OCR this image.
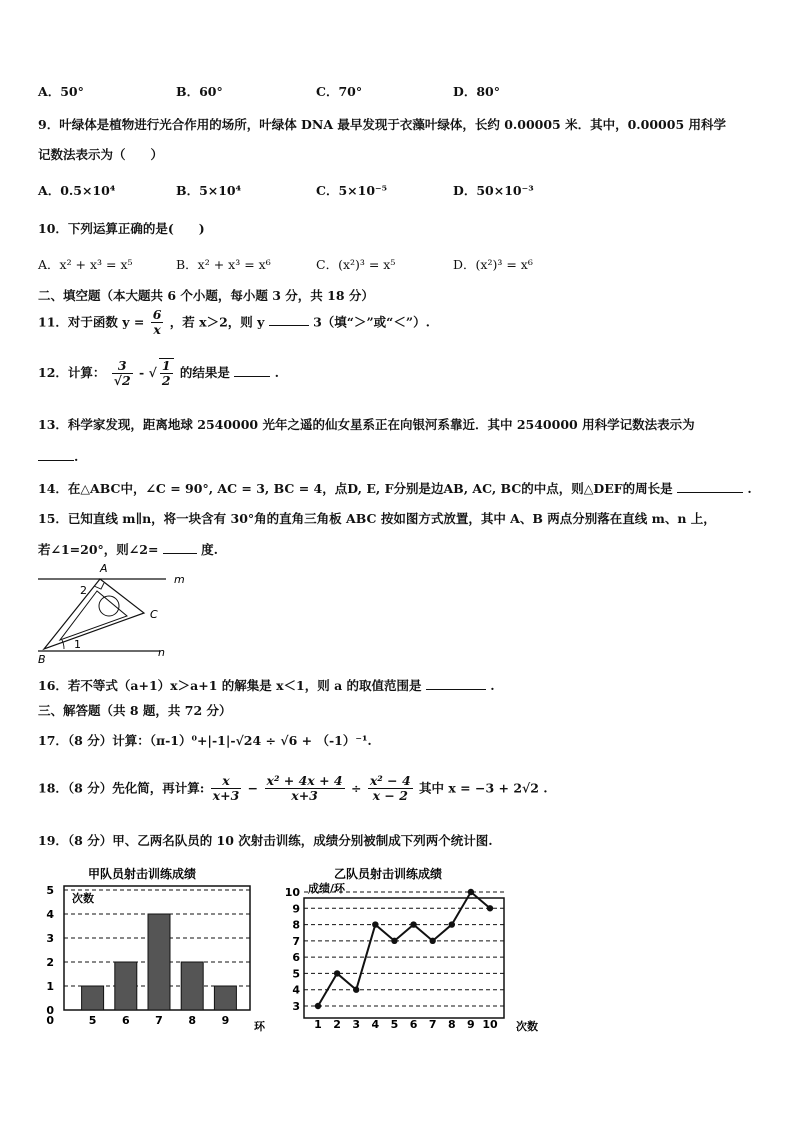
A．50°	B．60°	C．70°	D．80°
9．叶绿体是植物进行光合作用的场所，叶绿体 DNA 最早发现于衣藻叶绿体，长约 0.00005 米．其中，0.00005 用科学
记数法表示为（　　）
A．0.5×10⁴	B．5×10⁴	C．5×10⁻⁵	D．50×10⁻³
10．下列运算正确的是(　　)
A．x² + x³ = x⁵	B．x² + x³ = x⁶	C．(x²)³ = x⁵	D．(x²)³ = x⁶
二、填空题（本大题共 6 个小题，每小题 3 分，共 18 分）
11．对于函数 $y = \frac{6}{x}$ ，若 x＞2，则 y	3（填“＞”或“＜”）.
12．计算： $\frac{3}{√2}$ - √ $\frac{1}{2}$ 的结果是	.
13．科学家发现，距离地球 2540000 光年之遥的仙女星系正在向银河系靠近．其中 2540000 用科学记数法表示为
.
14．在△ABC中，∠C = 90°, AC = 3, BC = 4，点D, E, F分别是边AB, AC, BC的中点，则△DEF的周长是	.
15．已知直线 m∥n，将一块含有 30°角的直角三角板 ABC 按如图方式放置，其中 A、B 两点分别落在直线 m、n 上，
若∠1=20°，则∠2=	度.
A
2
m
C
1
B
n
16．若不等式（a+1）x＞a+1 的解集是 x＜1，则 a 的取值范围是	.
三、解答题（共 8 题，共 72 分）
17．（8 分）计算：（π-1）⁰+|-1|-√24 ÷ √6 + （-1）⁻¹.
18．（8 分）先化简，再计算: $\frac{x}{x+3} - \frac{\text{x² + 4x + 4}}{x+3} \div \frac{\text{x² − 4}}{x - 2}$ 其中 x = −3 + 2√2 .
19．（8 分）甲、乙两名队员的 10 次射击训练，成绩分别被制成下列两个统计图.
甲队员射击训练成绩
次数
0
1
2
3
4
5
5 6 7 8 9
0	环
乙队员射击训练成绩
成绩/环
3
4
5
6
7
8
9
10
1 2 3 4 5 6 7 8 9 10 次数
